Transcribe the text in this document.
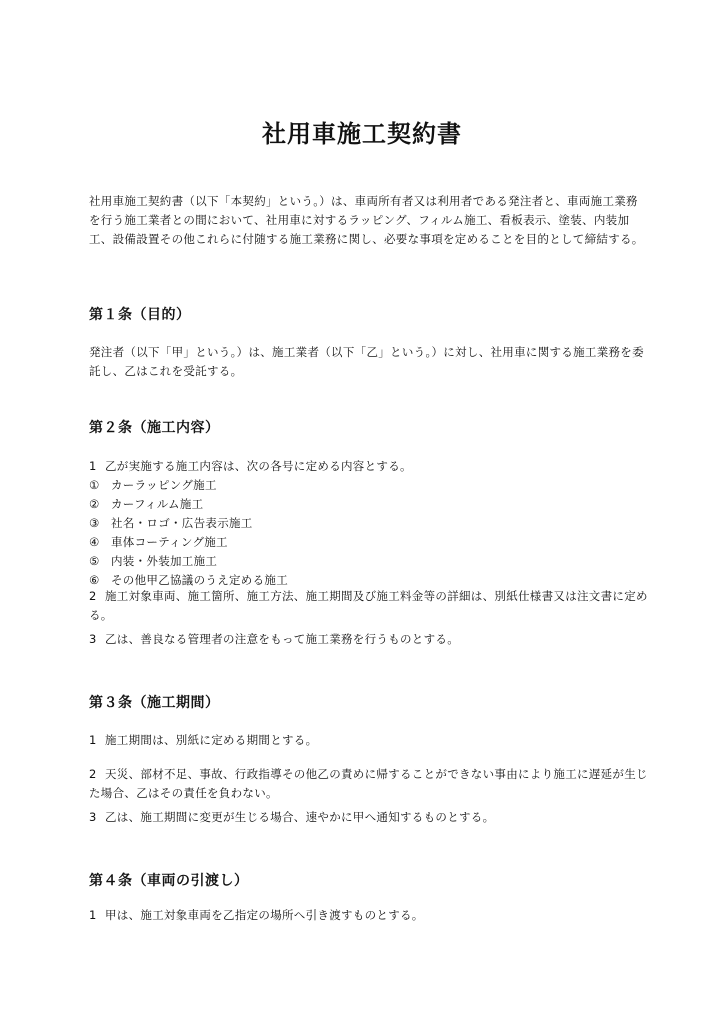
社用車施工契約書
社用車施工契約書（以下「本契約」という。）は、車両所有者又は利用者である発注者と、車両施工業務を行う施工業者との間において、社用車に対するラッピング、フィルム施工、看板表示、塗装、内装加工、設備設置その他これらに付随する施工業務に関し、必要な事項を定めることを目的として締結する。
第１条（目的）
発注者（以下「甲」という。）は、施工業者（以下「乙」という。）に対し、社用車に関する施工業務を委託し、乙はこれを受託する。
第２条（施工内容）
1 乙が実施する施工内容は、次の各号に定める内容とする。
① カーラッピング施工
② カーフィルム施工
③ 社名・ロゴ・広告表示施工
④ 車体コーティング施工
⑤ 内装・外装加工施工
⑥ その他甲乙協議のうえ定める施工
2 施工対象車両、施工箇所、施工方法、施工期間及び施工料金等の詳細は、別紙仕様書又は注文書に定める。
3 乙は、善良なる管理者の注意をもって施工業務を行うものとする。
第３条（施工期間）
1 施工期間は、別紙に定める期間とする。
2 天災、部材不足、事故、行政指導その他乙の責めに帰することができない事由により施工に遅延が生じた場合、乙はその責任を負わない。
3 乙は、施工期間に変更が生じる場合、速やかに甲へ通知するものとする。
第４条（車両の引渡し）
1 甲は、施工対象車両を乙指定の場所へ引き渡すものとする。
